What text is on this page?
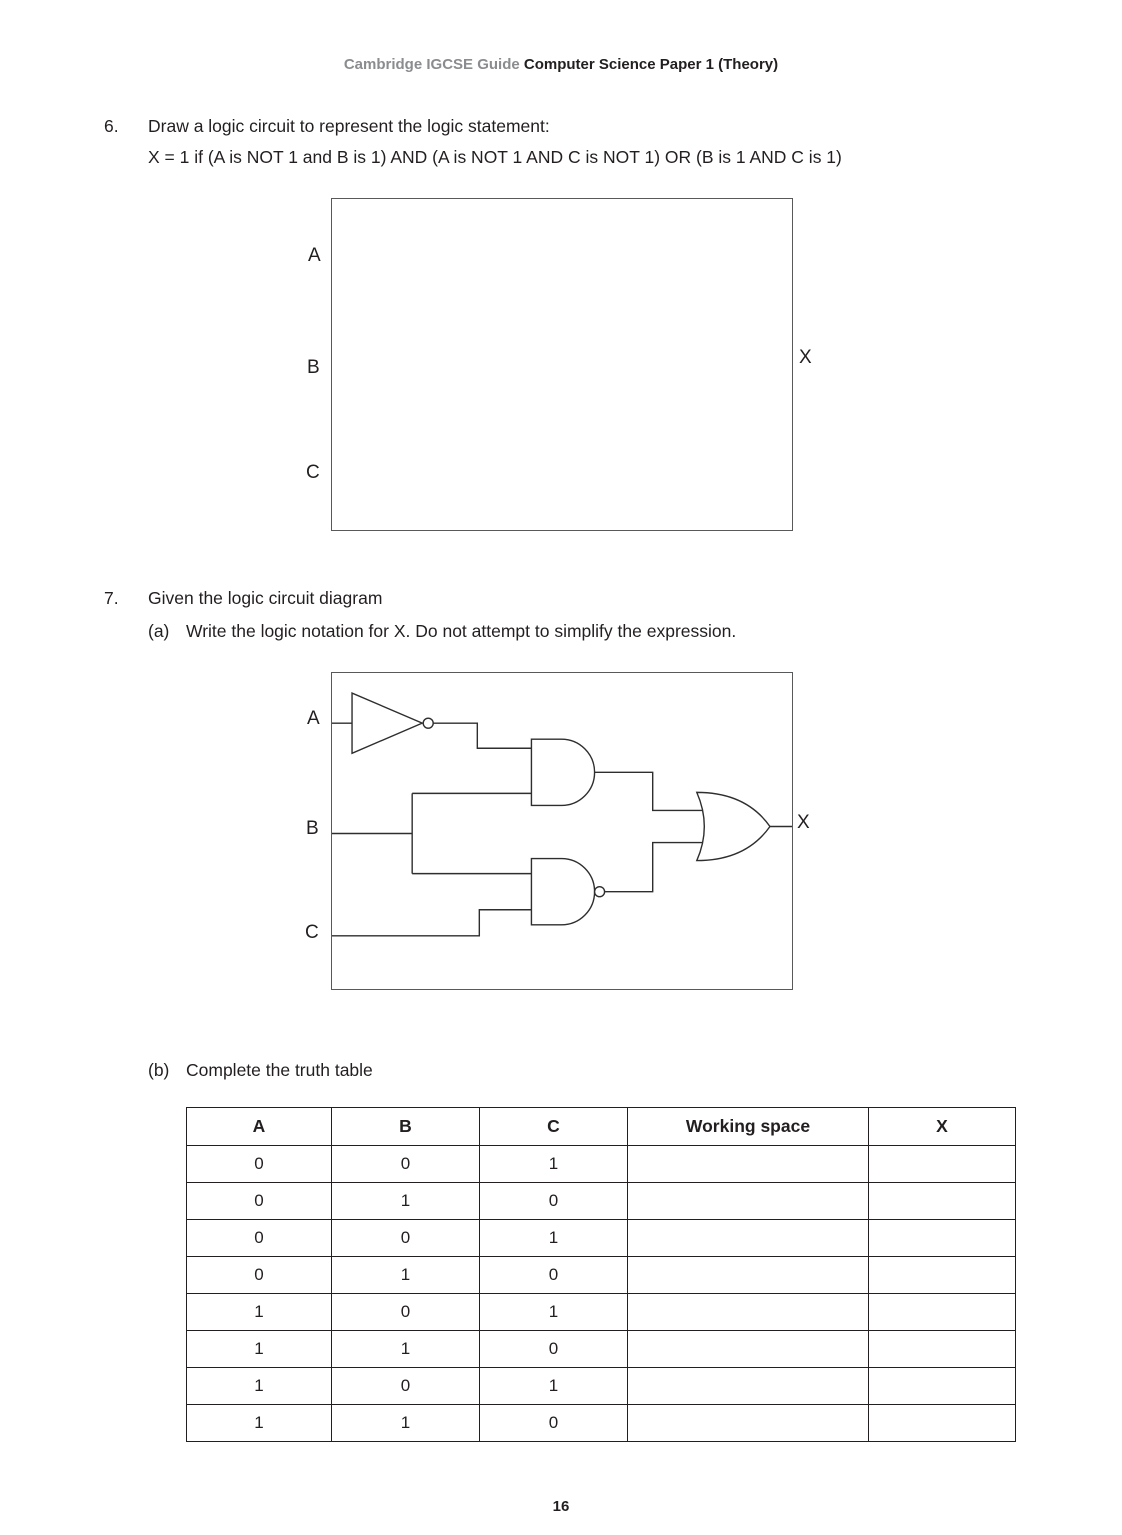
Cambridge IGCSE Guide Computer Science Paper 1 (Theory)
6. Draw a logic circuit to represent the logic statement:
X = 1 if (A is NOT 1 and B is 1) AND (A is NOT 1 AND C is NOT 1) OR (B is 1 AND C is 1)
A
B
C
X
7. Given the logic circuit diagram
(a) Write the logic notation for X. Do not attempt to simplify the expression.
A
B
C
X
(b) Complete the truth table
A	B	C	Working space	X
0	0	1		
0	1	0		
0	0	1		
0	1	0		
1	0	1		
1	1	0		
1	0	1		
1	1	0		
16
